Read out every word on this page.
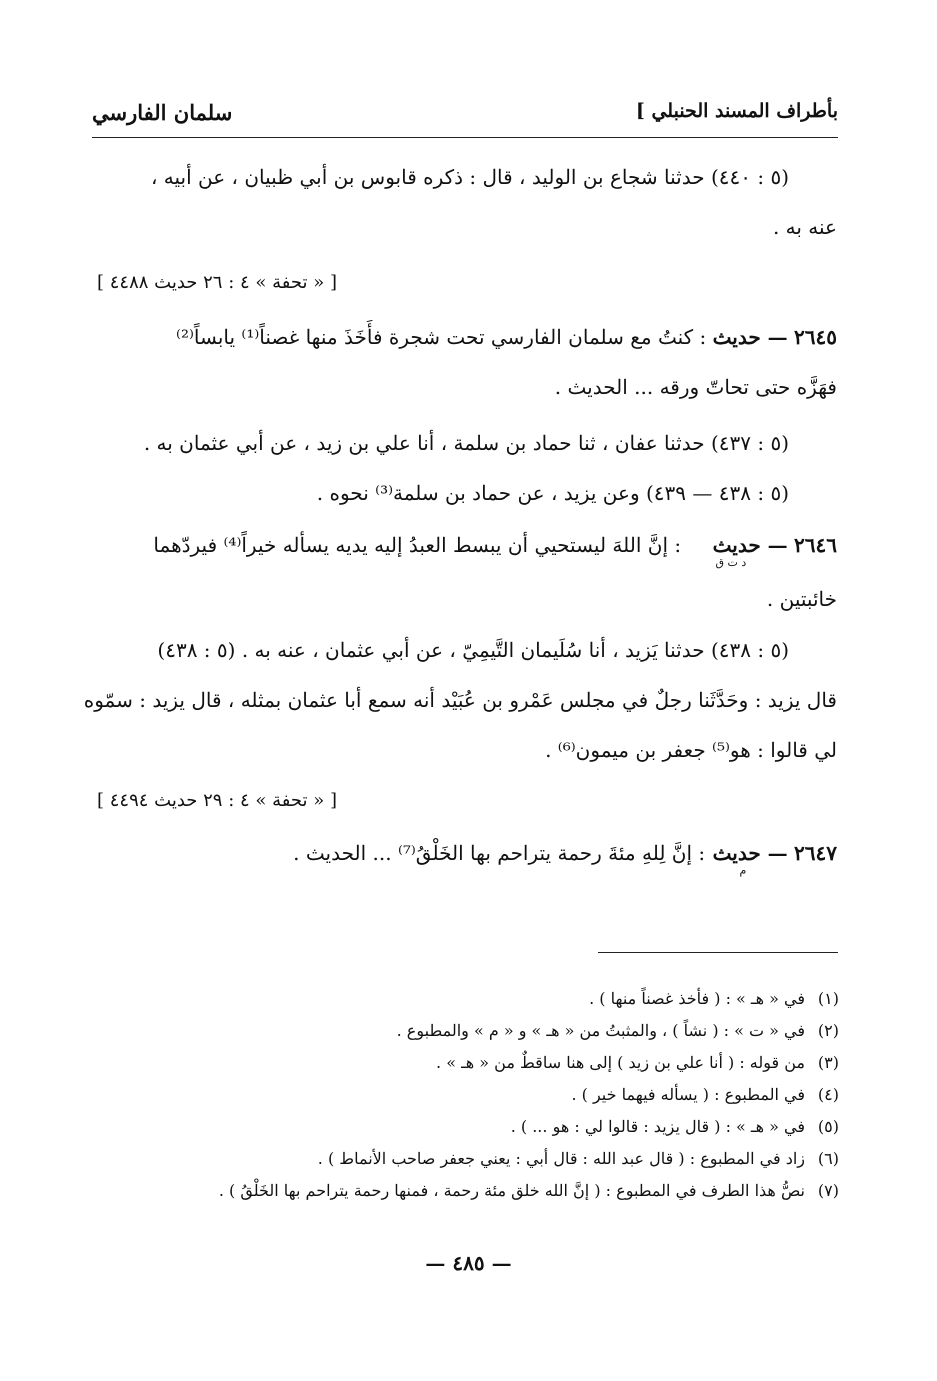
بأطراف المسند الحنبلي ]
سلمان الفارسي
(٥ : ٤٤٠) حدثنا شجاع بن الوليد ، قال : ذكره قابوس بن أبي ظبيان ، عن أبيه ،
عنه به .
[ « تحفة » ٤ : ٢٦ حديث ٤٤٨٨ ]
٢٦٤٥ — حديث : كنتُ مع سلمان الفارسي تحت شجرة فأَخَذَ منها غصناً⁽¹⁾ يابساً⁽²⁾
فهَزَّه حتى تحاتّ ورقه ... الحديث .
(٥ : ٤٣٧) حدثنا عفان ، ثنا حماد بن سلمة ، أنا علي بن زيد ، عن أبي عثمان به .
(٥ : ٤٣٨ — ٤٣٩) وعن يزيد ، عن حماد بن سلمة⁽³⁾ نحوه .
٢٦٤٦ — حديث $_{د ت ق}$ : إنَّ اللهَ ليستحيي أن يبسط العبدُ إليه يديه يسأله خيراً⁽⁴⁾ فيردّهما
خائبتين .
(٥ : ٤٣٨) حدثنا يَزيد ، أنا سُلَيمان التَّيمِيّ ، عن أبي عثمان ، عنه به . (٥ : ٤٣٨)
قال يزيد : وحَدَّثَنا رجلٌ في مجلس عَمْرو بن عُبَيْد أنه سمع أبا عثمان بمثله ، قال يزيد : سمّوه
لي قالوا : هو⁽⁵⁾ جعفر بن ميمون⁽⁶⁾ .
[ « تحفة » ٤ : ٢٩ حديث ٤٤٩٤ ]
٢٦٤٧ — حديث $_م$ : إنَّ لِلهِ مئةَ رحمة يتراحم بها الخَلْقُ⁽⁷⁾ ... الحديث .
(١)في « هـ » : ( فأخذ غصناً منها ) .
(٢)في « ت » : ( نشاً ) ، والمثبتُ من « هـ » و « م » والمطبوع .
(٣)من قوله : ( أنا علي بن زيد ) إلى هنا ساقطٌ من « هـ » .
(٤)في المطبوع : ( يسأله فيهما خير ) .
(٥)في « هـ » : ( قال يزيد : قالوا لي : هو ... ) .
(٦)زاد في المطبوع : ( قال عبد الله : قال أبي : يعني جعفر صاحب الأنماط ) .
(٧)نصُّ هذا الطرف في المطبوع : ( إنَّ الله خلق مئة رحمة ، فمنها رحمة يتراحم بها الخَلْقُ ) .
— ٤٨٥ —
